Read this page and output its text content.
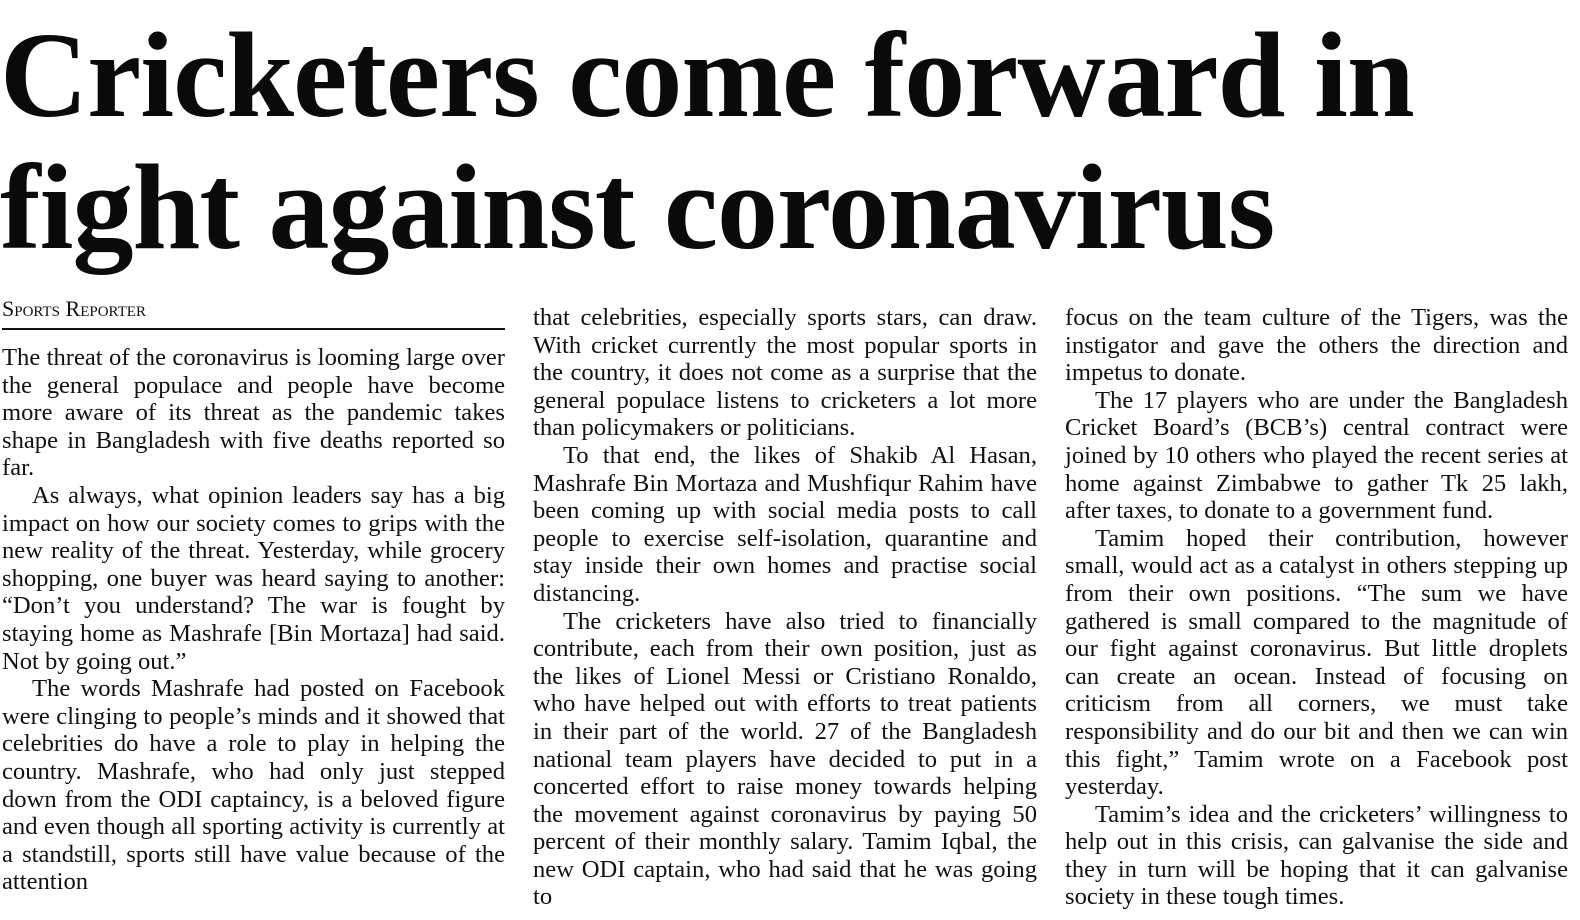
Cricketers come forward in
fight against coronavirus
Sports Reporter

The threat of the coronavirus is looming large over the general populace and people have become more aware of its threat as the pandemic takes shape in Bangladesh with five deaths reported so far.

As always, what opinion leaders say has a big impact on how our society comes to grips with the new reality of the threat. Yesterday, while grocery shopping, one buyer was heard saying to another: “Don’t you understand? The war is fought by staying home as Mashrafe [Bin Mortaza] had said. Not by going out.”

The words Mashrafe had posted on Facebook were clinging to people’s minds and it showed that celebrities do have a role to play in helping the country. Mashrafe, who had only just stepped down from the ODI captaincy, is a beloved figure and even though all sporting activity is currently at a standstill, sports still have value because of the attention

that celebrities, especially sports stars, can draw. With cricket currently the most popular sports in the country, it does not come as a surprise that the general populace listens to cricketers a lot more than policymakers or politicians.

To that end, the likes of Shakib Al Hasan, Mashrafe Bin Mortaza and Mushfiqur Rahim have been coming up with social media posts to call people to exercise self-isolation, quarantine and stay inside their own homes and practise social distancing.

The cricketers have also tried to financially contribute, each from their own position, just as the likes of Lionel Messi or Cristiano Ronaldo, who have helped out with efforts to treat patients in their part of the world. 27 of the Bangladesh national team players have decided to put in a concerted effort to raise money towards helping the movement against coronavirus by paying 50 percent of their monthly salary. Tamim Iqbal, the new ODI captain, who had said that he was going to

focus on the team culture of the Tigers, was the instigator and gave the others the direction and impetus to donate.

The 17 players who are under the Bangladesh Cricket Board’s (BCB’s) central contract were joined by 10 others who played the recent series at home against Zimbabwe to gather Tk 25 lakh, after taxes, to donate to a government fund.

Tamim hoped their contribution, however small, would act as a catalyst in others stepping up from their own positions. “The sum we have gathered is small compared to the magnitude of our fight against coronavirus. But little droplets can create an ocean. Instead of focusing on criticism from all corners, we must take responsibility and do our bit and then we can win this fight,” Tamim wrote on a Facebook post yesterday.

Tamim’s idea and the cricketers’ willingness to help out in this crisis, can galvanise the side and they in turn will be hoping that it can galvanise society in these tough times.
